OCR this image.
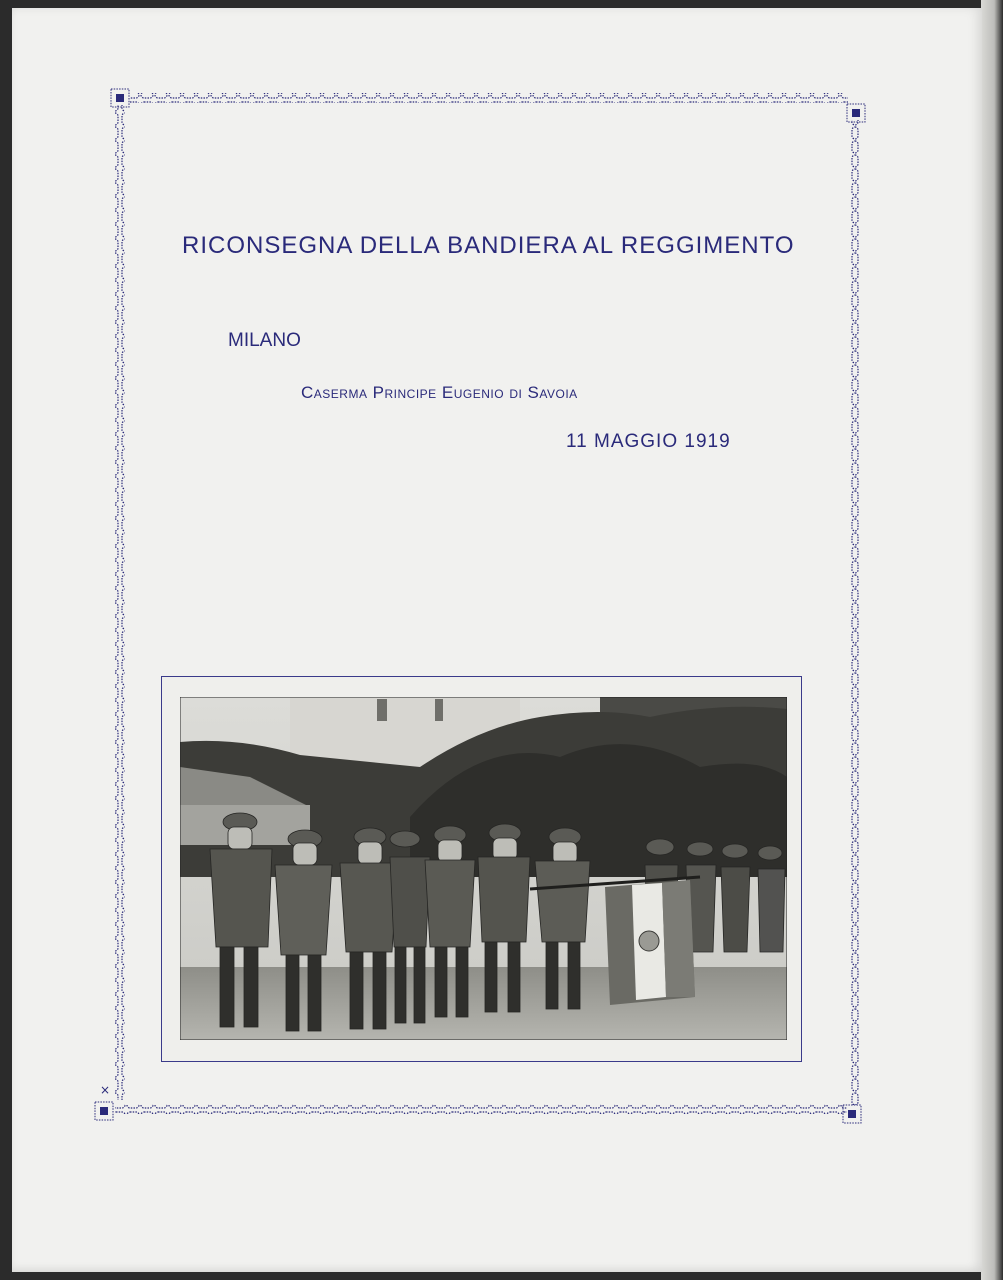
×
RICONSEGNA DELLA BANDIERA AL REGGIMENTO
MILANO
Caserma Principe Eugenio di Savoia
11 MAGGIO 1919
